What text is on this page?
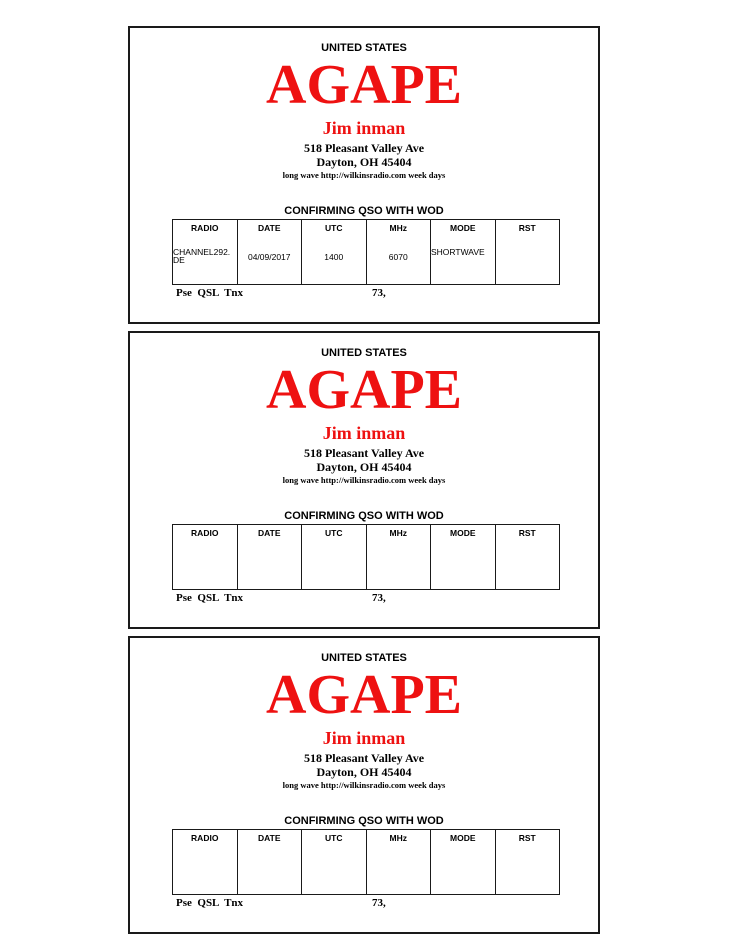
UNITED STATES
AGAPE
Jim inman
518 Pleasant Valley Ave
Dayton, OH 45404
long wave http://wilkinsradio.com week days
CONFIRMING QSO WITH WOD
RADIO	DATE	UTC	MHz	MODE	RST
CHANNEL292.DE	04/09/2017	1400	6070	SHORTWAVE	
Pse  QSL  Tnx	73,
UNITED STATES
AGAPE
Jim inman
518 Pleasant Valley Ave
Dayton, OH 45404
long wave http://wilkinsradio.com week days
CONFIRMING QSO WITH WOD
RADIO	DATE	UTC	MHz	MODE	RST

Pse  QSL  Tnx	73,
UNITED STATES
AGAPE
Jim inman
518 Pleasant Valley Ave
Dayton, OH 45404
long wave http://wilkinsradio.com week days
CONFIRMING QSO WITH WOD
RADIO	DATE	UTC	MHz	MODE	RST

Pse  QSL  Tnx	73,
